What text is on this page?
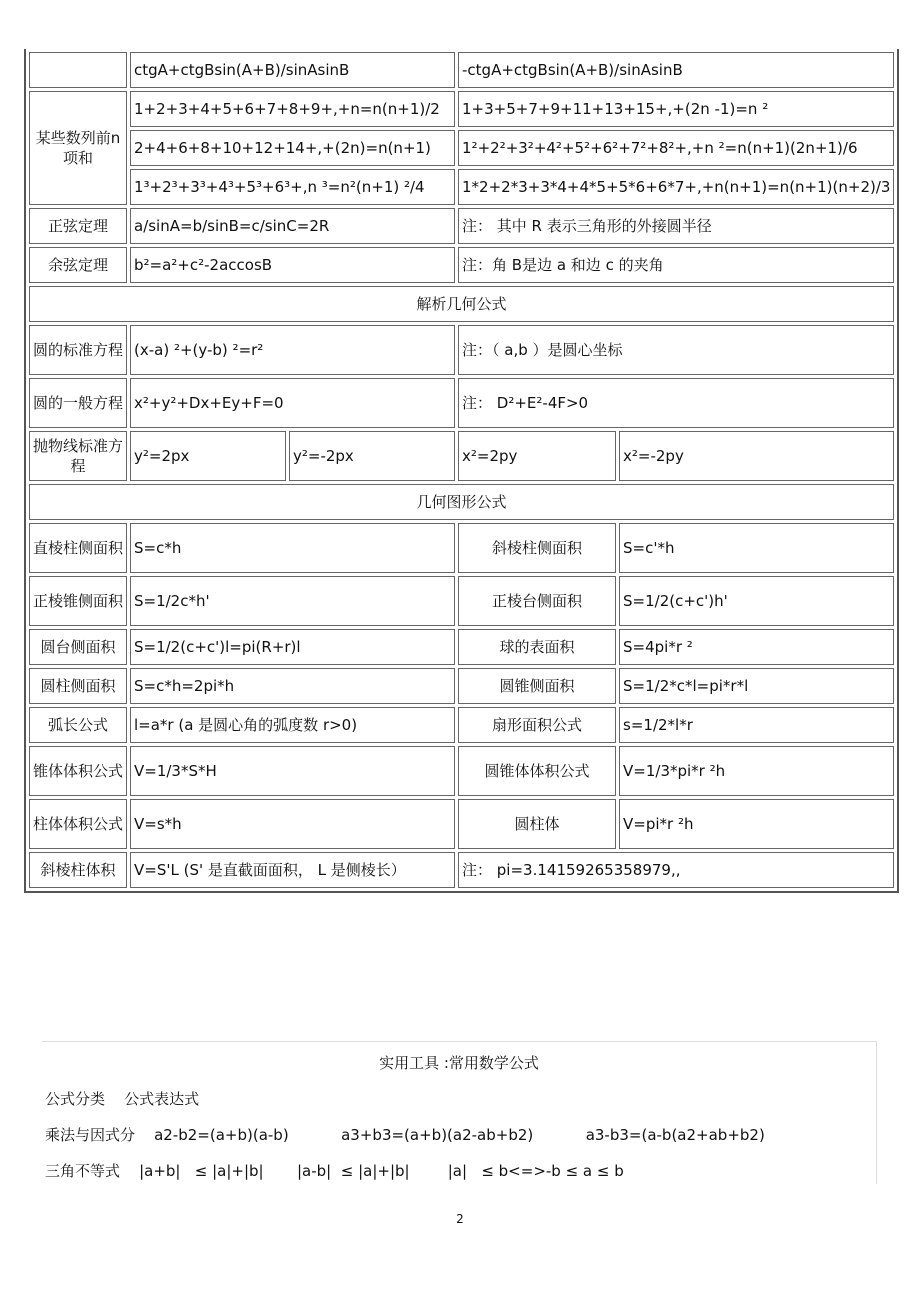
	ctgA+ctgBsin(A+B)/sinAsinB		-ctgA+ctgBsin(A+B)/sinAsinB	
某些数列前n项和	1+2+3+4+5+6+7+8+9+,+n=n(n+1)/2		1+3+5+7+9+11+13+15+,+(2n -1)=n ²	
	2+4+6+8+10+12+14+,+(2n)=n(n+1)		1²+2²+3²+4²+5²+6²+7²+8²+,+n ²=n(n+1)(2n+1)/6	
	1³+2³+3³+4³+5³+6³+,n ³=n²(n+1) ²/4		1*2+2*3+3*4+4*5+5*6+6*7+,+n(n+1)=n(n+1)(n+2)/3	
正弦定理	a/sinA=b/sinB=c/sinC=2R		注： 其中 R 表示三角形的外接圆半径	
余弦定理	b²=a²+c²-2accosB		注：角 B是边 a 和边 c 的夹角	
解析几何公式				
圆的标准方程	(x-a) ²+(y-b) ²=r²		注：（ a,b ）是圆心坐标	
圆的一般方程	x²+y²+Dx+Ey+F=0		注： D²+E²-4F>0	
抛物线标准方程	y²=2px	y²=-2px	x²=2py	x²=-2py
几何图形公式				
直棱柱侧面积	S=c*h		斜棱柱侧面积	S=c'*h
正棱锥侧面积	S=1/2c*h'		正棱台侧面积	S=1/2(c+c')h'
圆台侧面积	S=1/2(c+c')l=pi(R+r)l		球的表面积	S=4pi*r ²
圆柱侧面积	S=c*h=2pi*h		圆锥侧面积	S=1/2*c*l=pi*r*l
弧长公式	l=a*r (a 是圆心角的弧度数 r>0)		扇形面积公式	s=1/2*l*r
锥体体积公式	V=1/3*S*H		圆锥体体积公式	V=1/3*pi*r ²h
柱体体积公式	V=s*h		圆柱体	V=pi*r ²h
斜棱柱体积	V=S'L (S' 是直截面面积， L 是侧棱长）		注： pi=3.14159265358979,,	
实用工具 :常用数学公式
公式分类    公式表达式
乘法与因式分    a2-b2=(a+b)(a-b)           a3+b3=(a+b)(a2-ab+b2)           a3-b3=(a-b(a2+ab+b2)
三角不等式    |a+b|   ≤ |a|+|b|       |a-b|  ≤ |a|+|b|        |a|   ≤ b<=>-b ≤ a ≤ b
2
